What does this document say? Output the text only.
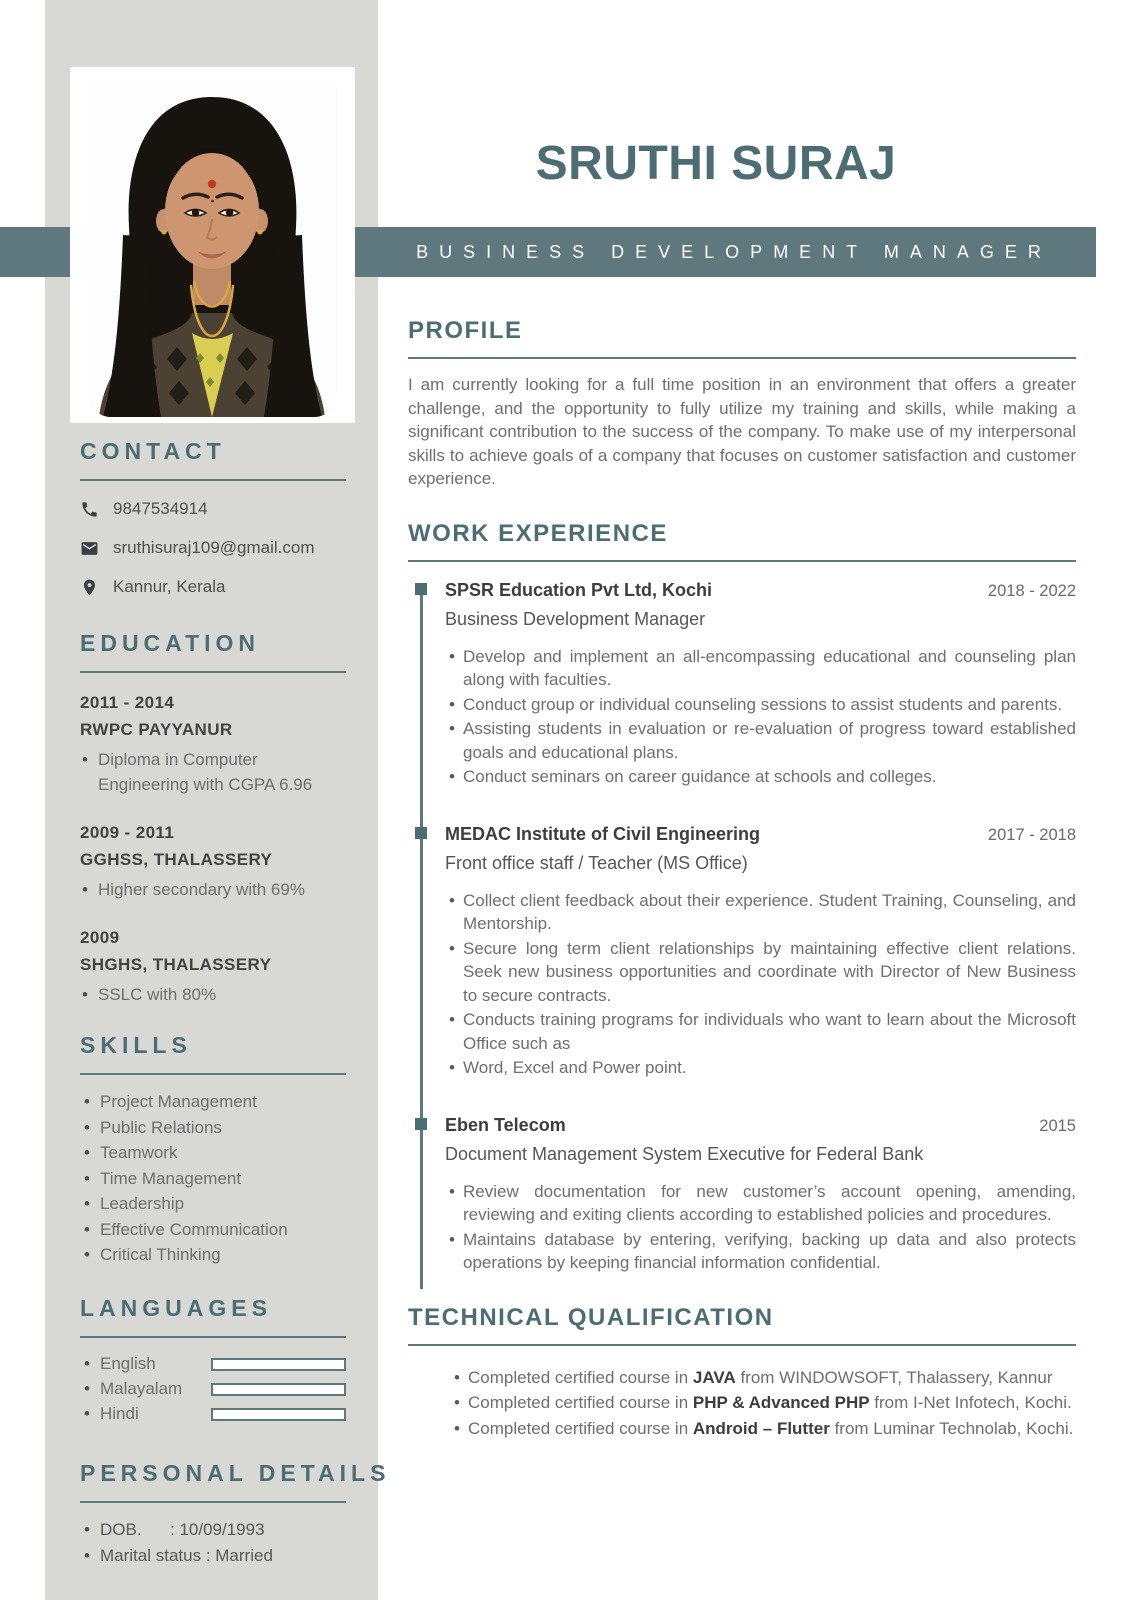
SRUTHI SURAJ
BUSINESS DEVELOPMENT MANAGER
CONTACT
9847534914
sruthisuraj109@gmail.com
Kannur, Kerala
EDUCATION
2011 - 2014
RWPC PAYYANUR
• Diploma in Computer Engineering with CGPA 6.96
2009 - 2011
GGHSS, THALASSERY
• Higher secondary with 69%
2009
SHGHS, THALASSERY
• SSLC with 80%
SKILLS
• Project Management
• Public Relations
• Teamwork
• Time Management
• Leadership
• Effective Communication
• Critical Thinking
LANGUAGES
• English
• Malayalam
• Hindi
PERSONAL DETAILS
• DOB. : 10/09/1993
• Marital status : Married
PROFILE

I am currently looking for a full time position in an environment that offers a greater challenge, and the opportunity to fully utilize my training and skills, while making a significant contribution to the success of the company. To make use of my interpersonal skills to achieve goals of a company that focuses on customer satisfaction and customer experience.

WORK EXPERIENCE
SPSR Education Pvt Ltd, Kochi	2018 - 2022
Business Development Manager
• Develop and implement an all-encompassing educational and counseling plan along with faculties.
• Conduct group or individual counseling sessions to assist students and parents.
• Assisting students in evaluation or re-evaluation of progress toward established goals and educational plans.
• Conduct seminars on career guidance at schools and colleges.
MEDAC Institute of Civil Engineering	2017 - 2018
Front office staff / Teacher (MS Office)
• Collect client feedback about their experience. Student Training, Counseling, and Mentorship.
• Secure long term client relationships by maintaining effective client relations. Seek new business opportunities and coordinate with Director of New Business to secure contracts.
• Conducts training programs for individuals who want to learn about the Microsoft Office such as
• Word, Excel and Power point.
Eben Telecom	2015
Document Management System Executive for Federal Bank
• Review documentation for new customer’s account opening, amending, reviewing and exiting clients according to established policies and procedures.
• Maintains database by entering, verifying, backing up data and also protects operations by keeping financial information confidential.
TECHNICAL QUALIFICATION
• Completed certified course in JAVA from WINDOWSOFT, Thalassery, Kannur
• Completed certified course in PHP & Advanced PHP from I-Net Infotech, Kochi.
• Completed certified course in Android – Flutter from Luminar Technolab, Kochi.
